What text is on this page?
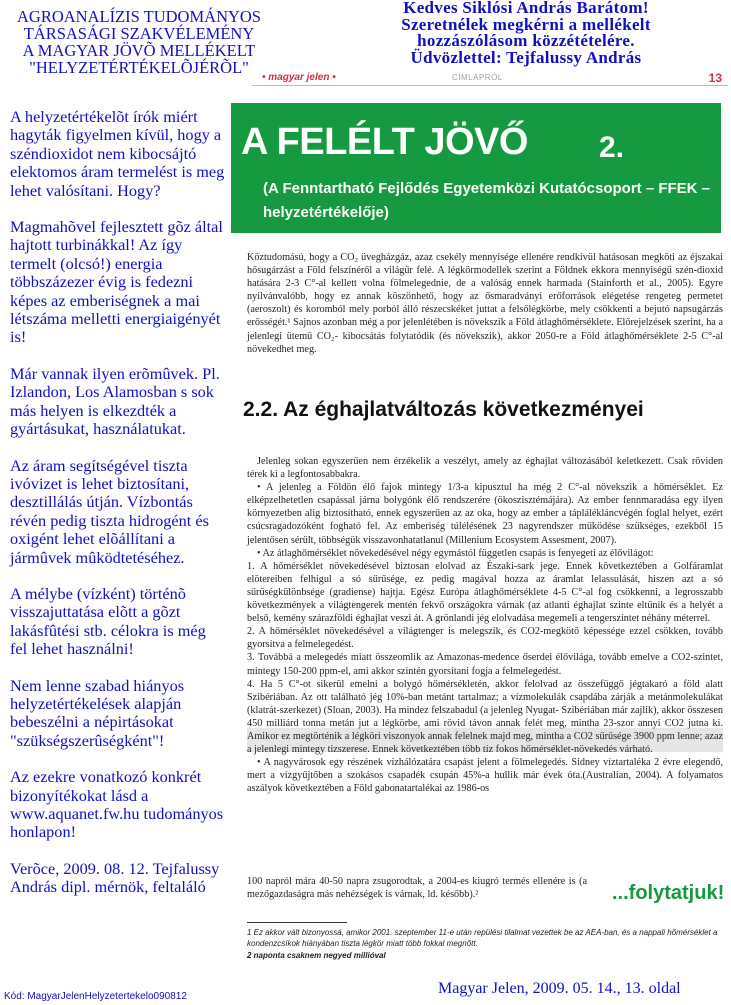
AGROANALÍZIS TUDOMÁNYOS
TÁRSASÁGI SZAKVÉLEMÉNY
A MAGYAR JÖVÕ MELLÉKELT
"HELYZETÉRTÉKELÕJÉRÕL"
Kedves Siklósi András Barátom!
Szeretnélek megkérni a mellékelt
hozzászólásom közzétételére.
Üdvözlettel: Tejfalussy András

A helyzetértékelõt írók miért hagyták figyelmen kívül, hogy a széndioxidot nem kibocsájtó elektomos áram termelést is meg lehet valósítani. Hogy?

Magmahõvel fejlesztett gõz által hajtott turbinákkal! Az így termelt (olcsó!) energia többszázezer évig is fedezni képes az emberiségnek a mai létszáma melletti energiaigényét is!

Már vannak ilyen erõmûvek. Pl. Izlandon, Los Alamosban s sok más helyen is elkezdték a gyártásukat, használatukat.

Az áram segítségével tiszta ivóvizet is lehet biztosítani, desztillálás útján. Vízbontás révén pedig tiszta hidrogént és oxigént lehet elõállítani a jármûvek mûködtetéséhez.

A mélybe (vízként) történõ visszajuttatása elõtt a gõzt lakásfûtési stb. célokra is még fel lehet használni!

Nem lenne szabad hiányos helyzetértékelések alapján bebeszélni a népirtásokat "szükségszerûségként"!

Az ezekre vonatkozó konkrét bizonyítékokat lásd a www.aquanet.fw.hu tudományos honlapon!

Verõce, 2009. 08. 12. Tejfalussy András dipl. mérnök, feltaláló

• magyar jelen •	CÍMLAPRÓL	13
A FELÉLT JÖVŐ 2.
(A Fenntartható Fejlődés Egyetemközi Kutatócsoport – FFEK – helyzetértékelője)

Köztudomású, hogy a CO₂ üvegházgáz, azaz csekély mennyisége ellenére rendkívül hatásosan megköti az éjszakai hősugárzást a Föld felszínéről a világűr felé. A légkörmodellek szerint a Földnek ekkora mennyiségű szén-dioxid hatására 2-3 C°-al kellett volna fölmelegednie, de a valóság ennek harmada (Stainforth et al., 2005). Egyre nyilvánvalóbb, hogy ez annak köszönhető, hogy az ősmaradványi erőforrások elégetése rengeteg permetet (aeroszolt) és koromból mely porból álló részecskéket juttat a felsőlégkörbe, mely csökkenti a bejutó napsugárzás erősségét.¹ Sajnos azonban még a por jelenlétében is növekszik a Föld átlaghőmérséklete. Előrejelzések szerint, ha a jelenlegi ütemű CO₂- kibocsátás folytatódik (és növekszik), akkor 2050-re a Föld átlaghőmérséklete 2-5 C°-al növekedhet meg.

2.2. Az éghajlatváltozás következményei

Jelenleg sokan egyszerűen nem érzékelik a veszélyt, amely az éghajlat változásából keletkezett. Csak röviden térek ki a legfontosabbakra.

• A jelenleg a Földön élő fajok mintegy 1/3-a kipusztul ha még 2 C°-al növekszik a hőmérséklet. Ez elképzelhetetlen csapással járna bolygónk élő rendszerére (ökoszisztémájára). Az ember fennmaradása egy ilyen környezetben alig biztosítható, ennek egyszerűen az az oka, hogy az ember a táplálékláncvégén foglal helyet, ezért csúcsragadozóként fogható fel. Az emberiség túlélésének 23 nagyrendszer működése szükséges, ezekből 15 jelentősen sérült, többségük visszavonhatatlanul (Millenium Ecosystem Assesment, 2007).

• Az átlaghőmérséklet növekedésével négy egymástól független csapás is fenyegeti az élővilágot:

1. A hőmérséklet növekedésével biztosan elolvad az Északi-sark jege. Ennek következtében a Golfáramlat elötereiben felhígul a só sűrűsége, ez pedig magával hozza az áramlat lelassulását, hiszen azt a só sűrűségkülönbsége (gradiense) hajtja. Egész Európa átlaghőmérséklete 4-5 C°-al fog csökkenni, a legrosszabb következmények a világtengerek mentén fekvő országokra várnak (az atlanti éghajlat szinte eltűnik és a helyét a belső, kemény szárazföldi éghajlat veszi át. A grönlandi jég elolvadása megemeli a tengerszintet néhány méterrel.

2. A hőmérséklet növekedésével a világtenger is melegszik, és CO2-megkötő képessége ezzel csökken, tovább gyorsítva a felmelegedést.

3. Továbbá a melegedés miatt összeomlik az Amazonas-medence őserdei élővilága, tovább emelve a CO2-szintet, mintegy 150-200 ppm-el, ami akkor szintén gyorsítani fogja a felmelegedést.

4. Ha 5 C°-ot sikerül emelni a bolygó hőmérsékletén, akkor felolvad az összefüggő jégtakaró a föld alatt Szibériában. Az ott található jég 10%-ban metánt tartalmaz; a vízmolekulák csapdába zárják a metánmolekulákat (klatrát-szerkezet) (Sloan, 2003). Ha mindez felszabadul (a jelenleg Nyugat- Szibériában már zajlik), akkor összesen 450 milliárd tonna metán jut a légkörbe, ami rövid távon annak felét meg, mintha 23-szor annyi CO2 jutna ki. Amikor ez megtörténik a légköri viszonyok annak felelnek majd meg, mintha a CO2 sűrűsége 3900 ppm lenne; azaz a jelenlegi mintegy tizszerese. Ennek következtében több tíz fokos hőmérséklet-növekedés várható.

• A nagyvárosok egy részének vízhálózatára csapást jelent a fölmelegedés. Sidney víztartaléka 2 évre elegendő, mert a vízgyűjtőben a szokásos csapadék csupán 45%-a hullik már évek óta.(Australian, 2004). A folyamatos aszályok következtében a Föld gabonatartalékai az 1986-os

100 napról mára 40-50 napra zsugorodtak, a 2004-es kiugró termés ellenére is (a mezőgazdaságra más nehézségek is várnak, ld. később).²	...folytatjuk!

1 Ez akkor vált bizonyossá, amikor 2001. szeptember 11-e után repülési tilalmat vezettek be az AEA-ban, és a nappali hőmérséklet a kondenzcsíkok hiányában tiszta légkör miatt több fokkal megnőtt.

2 naponta csaknem negyed millióval

Kód: MagyarJelenHelyzetertekelo090812	Magyar Jelen, 2009. 05. 14., 13. oldal
